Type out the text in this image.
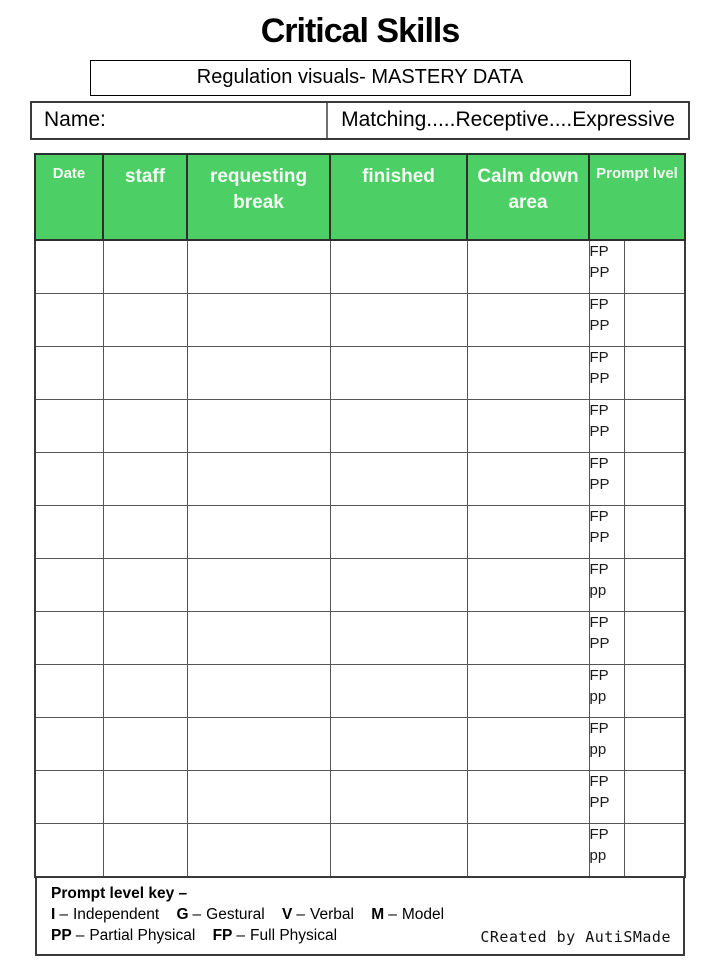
Critical Skills
Regulation visuals- MASTERY DATA
Name:	Matching.....Receptive....Expressive
Date	staff	requesting break	finished	Calm down area	Prompt lvel	

					FP
PP	

					FP
PP	

					FP
PP	

					FP
PP	

					FP
PP	

					FP
PP	

					FP
pp	

					FP
PP	

					FP
pp	

					FP
pp	

					FP
PP	

					FP
pp	

Prompt level key –
I – Independent G – Gestural V – Verbal M – Model
PP – Partial Physical FP – Full Physical	CReated by AutiSMade
